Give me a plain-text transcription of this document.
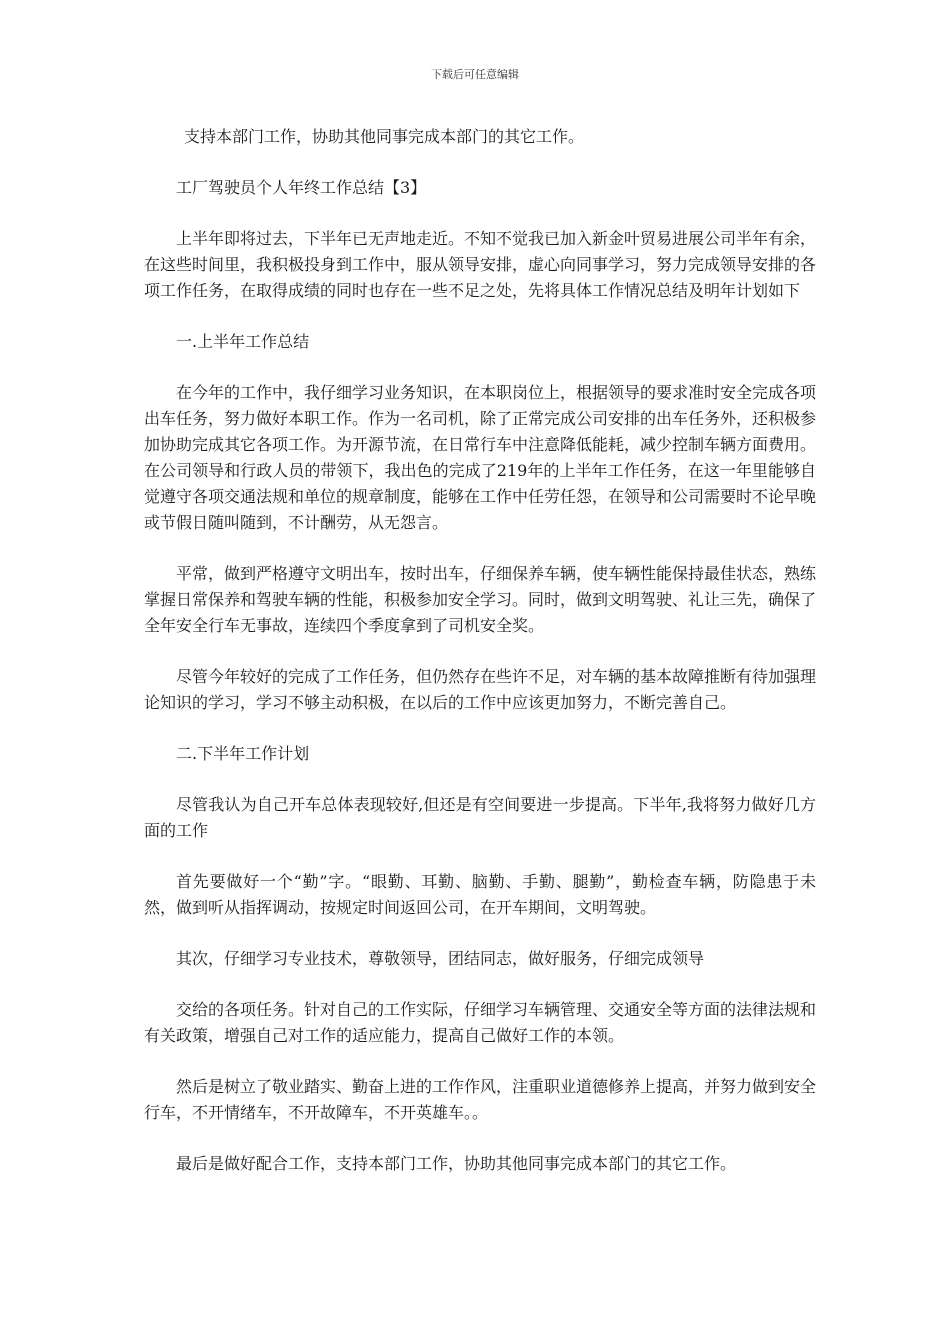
下载后可任意编辑

支持本部门工作，协助其他同事完成本部门的其它工作。

工厂驾驶员个人年终工作总结【3】

上半年即将过去，下半年已无声地走近。不知不觉我已加入新金叶贸易进展公司半年有余，在这些时间里，我积极投身到工作中，服从领导安排，虚心向同事学习，努力完成领导安排的各项工作任务，在取得成绩的同时也存在一些不足之处，先将具体工作情况总结及明年计划如下

一.上半年工作总结

在今年的工作中，我仔细学习业务知识，在本职岗位上，根据领导的要求准时安全完成各项出车任务，努力做好本职工作。作为一名司机，除了正常完成公司安排的出车任务外，还积极参加协助完成其它各项工作。为开源节流，在日常行车中注意降低能耗，减少控制车辆方面费用。在公司领导和行政人员的带领下，我出色的完成了219年的上半年工作任务，在这一年里能够自觉遵守各项交通法规和单位的规章制度，能够在工作中任劳任怨，在领导和公司需要时不论早晚或节假日随叫随到，不计酬劳，从无怨言。

平常，做到严格遵守文明出车，按时出车，仔细保养车辆，使车辆性能保持最佳状态，熟练掌握日常保养和驾驶车辆的性能，积极参加安全学习。同时，做到文明驾驶、礼让三先，确保了全年安全行车无事故，连续四个季度拿到了司机安全奖。

尽管今年较好的完成了工作任务，但仍然存在些许不足，对车辆的基本故障推断有待加强理论知识的学习，学习不够主动积极，在以后的工作中应该更加努力，不断完善自己。

二.下半年工作计划

尽管我认为自己开车总体表现较好,但还是有空间要进一步提高。下半年,我将努力做好几方面的工作

首先要做好一个“勤”字。“眼勤、耳勤、脑勤、手勤、腿勤”，勤检查车辆，防隐患于未然，做到听从指挥调动，按规定时间返回公司，在开车期间，文明驾驶。

其次，仔细学习专业技术，尊敬领导，团结同志，做好服务，仔细完成领导

交给的各项任务。针对自己的工作实际，仔细学习车辆管理、交通安全等方面的法律法规和有关政策，增强自己对工作的适应能力，提高自己做好工作的本领。

然后是树立了敬业踏实、勤奋上进的工作作风，注重职业道德修养上提高，并努力做到安全行车，不开情绪车，不开故障车，不开英雄车。。

最后是做好配合工作，支持本部门工作，协助其他同事完成本部门的其它工作。
